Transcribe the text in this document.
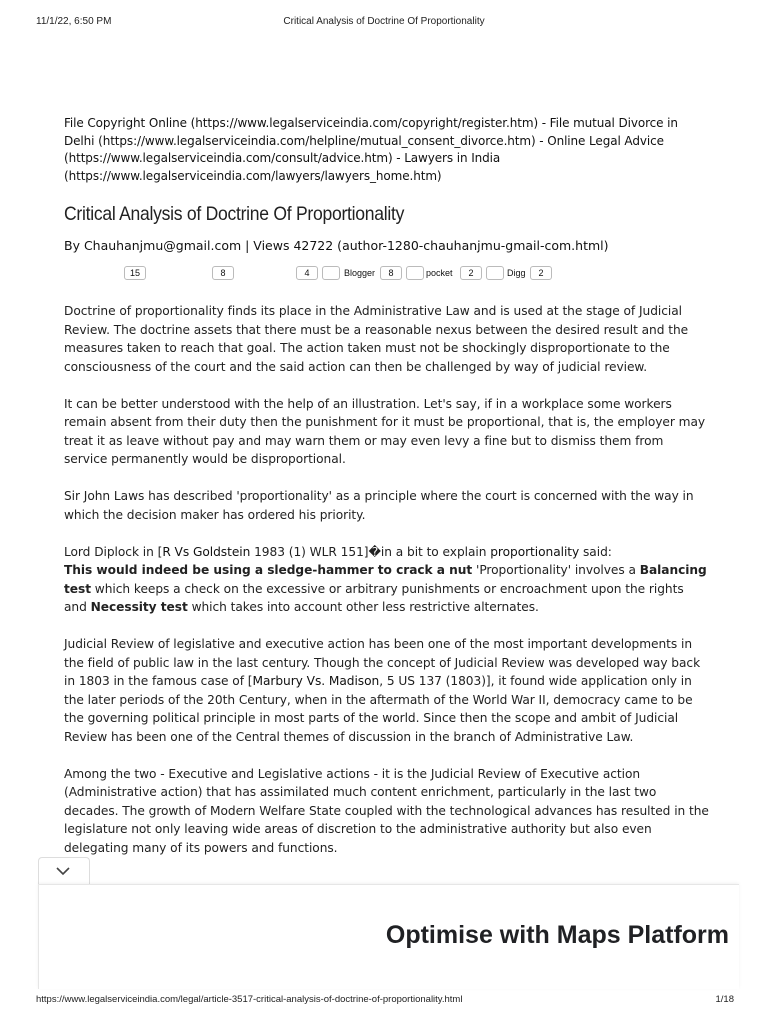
11/1/22, 6:50 PM	Critical Analysis of Doctrine Of Proportionality
File Copyright Online (https://www.legalserviceindia.com/copyright/register.htm) - File mutual Divorce in Delhi (https://www.legalserviceindia.com/helpline/mutual_consent_divorce.htm) - Online Legal Advice (https://www.legalserviceindia.com/consult/advice.htm) - Lawyers in India (https://www.legalserviceindia.com/lawyers/lawyers_home.htm)
Critical Analysis of Doctrine Of Proportionality
By Chauhanjmu@gmail.com | Views 42722 (author-1280-chauhanjmu-gmail-com.html)
15	8	4	Blogger	8	pocket	2	Digg	2

Doctrine of proportionality finds its place in the Administrative Law and is used at the stage of Judicial Review. The doctrine assets that there must be a reasonable nexus between the desired result and the measures taken to reach that goal. The action taken must not be shockingly disproportionate to the consciousness of the court and the said action can then be challenged by way of judicial review.

It can be better understood with the help of an illustration. Let's say, if in a workplace some workers remain absent from their duty then the punishment for it must be proportional, that is, the employer may treat it as leave without pay and may warn them or may even levy a fine but to dismiss them from service permanently would be disproportional.

Sir John Laws has described 'proportionality' as a principle where the court is concerned with the way in which the decision maker has ordered his priority.

Lord Diplock in [R Vs Goldstein 1983 (1) WLR 151]�in a bit to explain proportionality said:
This would indeed be using a sledge-hammer to crack a nut 'Proportionality' involves a Balancing test which keeps a check on the excessive or arbitrary punishments or encroachment upon the rights and Necessity test which takes into account other less restrictive alternates.

Judicial Review of legislative and executive action has been one of the most important developments in the field of public law in the last century. Though the concept of Judicial Review was developed way back in 1803 in the famous case of [Marbury Vs. Madison, 5 US 137 (1803)], it found wide application only in the later periods of the 20th Century, when in the aftermath of the World War II, democracy came to be the governing political principle in most parts of the world. Since then the scope and ambit of Judicial Review has been one of the Central themes of discussion in the branch of Administrative Law.

Among the two - Executive and Legislative actions - it is the Judicial Review of Executive action (Administrative action) that has assimilated much content enrichment, particularly in the last two decades. The growth of Modern Welfare State coupled with the technological advances has resulted in the legislature not only leaving wide areas of discretion to the administrative authority but also even delegating many of its powers and functions.

Optimise with Maps Platform
https://www.legalserviceindia.com/legal/article-3517-critical-analysis-of-doctrine-of-proportionality.html	1/18
